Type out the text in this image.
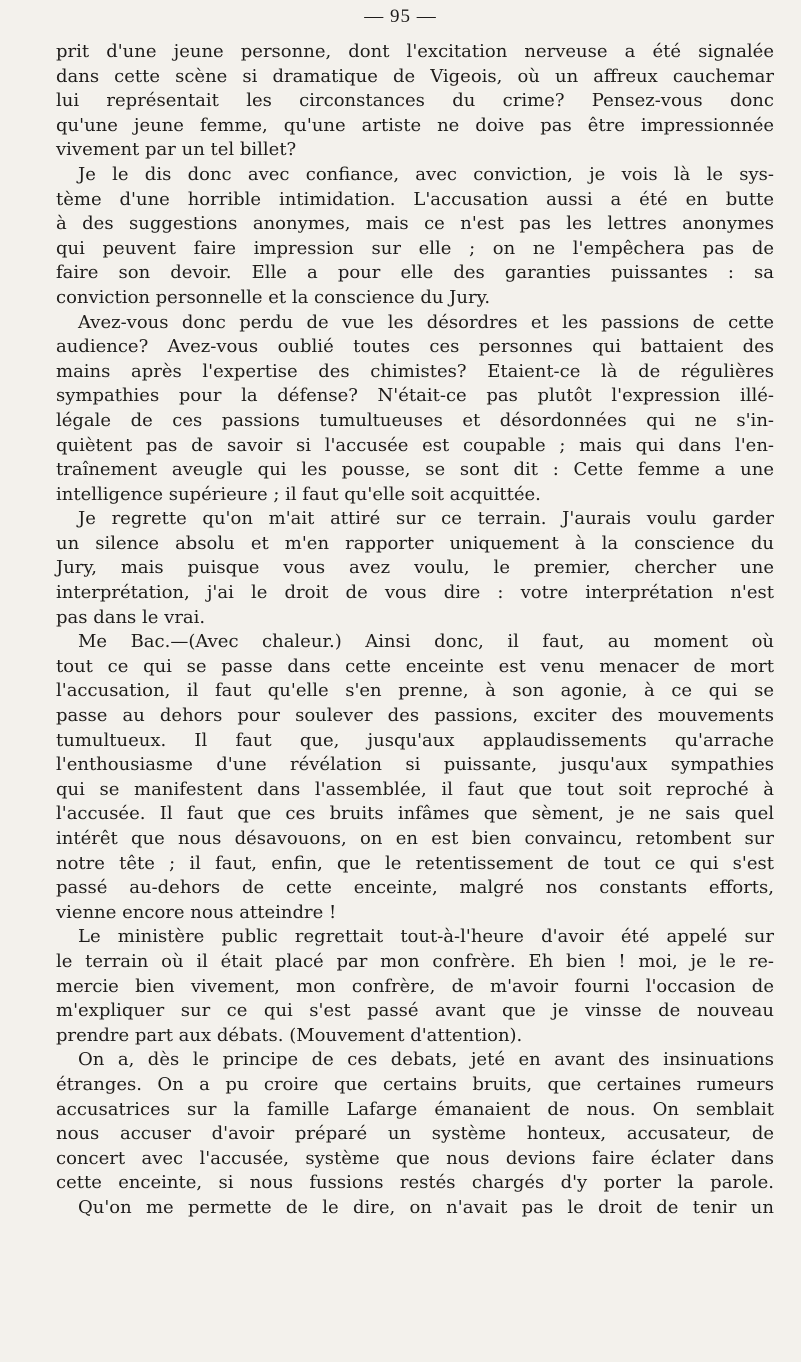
— 95 —
prit d'une jeune personne, dont l'excitation nerveuse a été signalée
dans cette scène si dramatique de Vigeois, où un affreux cauchemar
lui représentait les circonstances du crime? Pensez-vous donc
qu'une jeune femme, qu'une artiste ne doive pas être impressionnée
vivement par un tel billet?
Je le dis donc avec confiance, avec conviction, je vois là le sys-
tème d'une horrible intimidation. L'accusation aussi a été en butte
à des suggestions anonymes, mais ce n'est pas les lettres anonymes
qui peuvent faire impression sur elle ; on ne l'empêchera pas de
faire son devoir. Elle a pour elle des garanties puissantes : sa
conviction personnelle et la conscience du Jury.
Avez-vous donc perdu de vue les désordres et les passions de cette
audience? Avez-vous oublié toutes ces personnes qui battaient des
mains après l'expertise des chimistes? Etaient-ce là de régulières
sympathies pour la défense? N'était-ce pas plutôt l'expression illé-
légale de ces passions tumultueuses et désordonnées qui ne s'in-
quiètent pas de savoir si l'accusée est coupable ; mais qui dans l'en-
traînement aveugle qui les pousse, se sont dit : Cette femme a une
intelligence supérieure ; il faut qu'elle soit acquittée.
Je regrette qu'on m'ait attiré sur ce terrain. J'aurais voulu garder
un silence absolu et m'en rapporter uniquement à la conscience du
Jury, mais puisque vous avez voulu, le premier, chercher une
interprétation, j'ai le droit de vous dire : votre interprétation n'est
pas dans le vrai.
Me Bac.—(Avec chaleur.) Ainsi donc, il faut, au moment où
tout ce qui se passe dans cette enceinte est venu menacer de mort
l'accusation, il faut qu'elle s'en prenne, à son agonie, à ce qui se
passe au dehors pour soulever des passions, exciter des mouvements
tumultueux. Il faut que, jusqu'aux applaudissements qu'arrache
l'enthousiasme d'une révélation si puissante, jusqu'aux sympathies
qui se manifestent dans l'assemblée, il faut que tout soit reproché à
l'accusée. Il faut que ces bruits infâmes que sèment, je ne sais quel
intérêt que nous désavouons, on en est bien convaincu, retombent sur
notre tête ; il faut, enfin, que le retentissement de tout ce qui s'est
passé au-dehors de cette enceinte, malgré nos constants efforts,
vienne encore nous atteindre !
Le ministère public regrettait tout-à-l'heure d'avoir été appelé sur
le terrain où il était placé par mon confrère. Eh bien ! moi, je le re-
mercie bien vivement, mon confrère, de m'avoir fourni l'occasion de
m'expliquer sur ce qui s'est passé avant que je vinsse de nouveau
prendre part aux débats. (Mouvement d'attention).
On a, dès le principe de ces debats, jeté en avant des insinuations
étranges. On a pu croire que certains bruits, que certaines rumeurs
accusatrices sur la famille Lafarge émanaient de nous. On semblait
nous accuser d'avoir préparé un système honteux, accusateur, de
concert avec l'accusée, système que nous devions faire éclater dans
cette enceinte, si nous fussions restés chargés d'y porter la parole.
Qu'on me permette de le dire, on n'avait pas le droit de tenir un
